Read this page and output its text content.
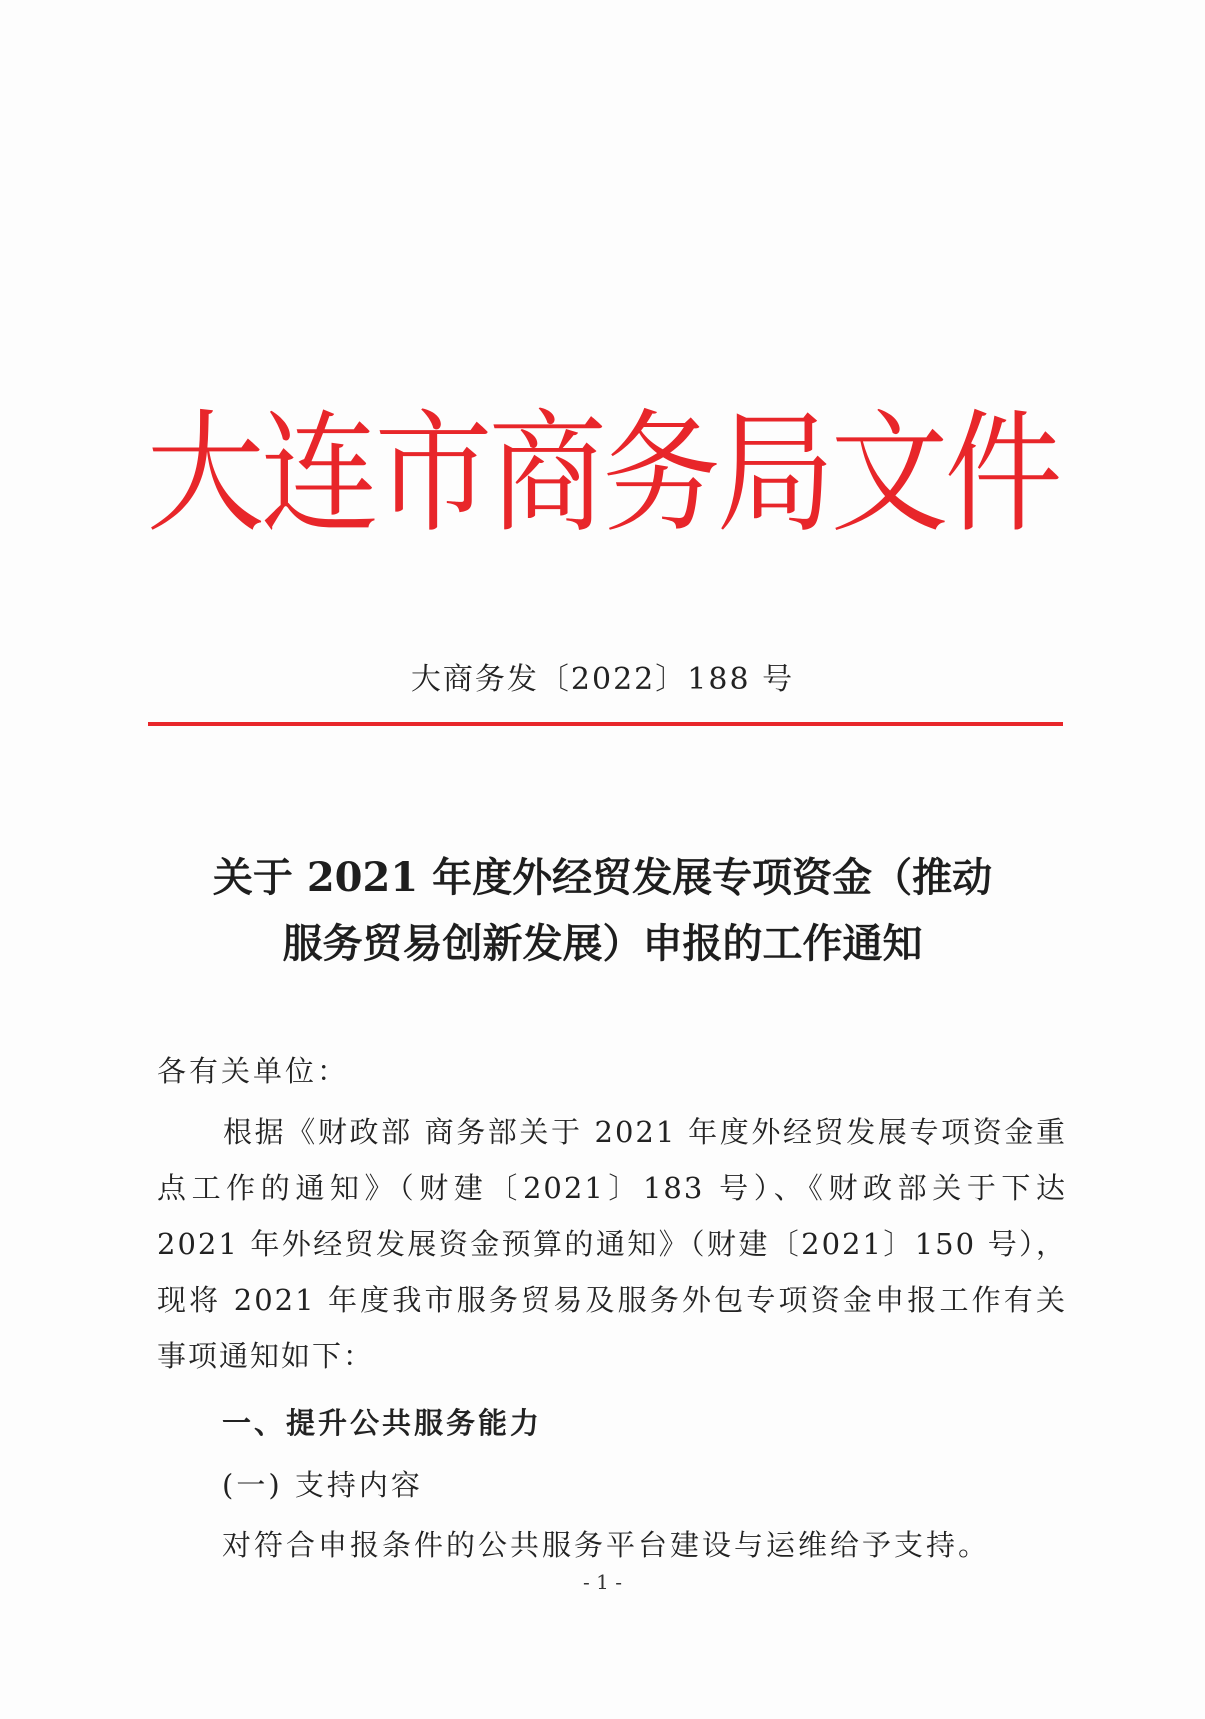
大连市商务局文件
大商务发〔2022〕188 号
关于 2021 年度外经贸发展专项资金（推动
服务贸易创新发展）申报的工作通知
各有关单位：

根据《财政部 商务部关于 2021 年度外经贸发展专项资金重点工作的通知》（财建〔2021〕183 号）、《财政部关于下达 2021 年外经贸发展资金预算的通知》（财建〔2021〕150 号），现将 2021 年度我市服务贸易及服务外包专项资金申报工作有关事项通知如下：

一、提升公共服务能力
(一) 支持内容
对符合申报条件的公共服务平台建设与运维给予支持。
- 1 -
